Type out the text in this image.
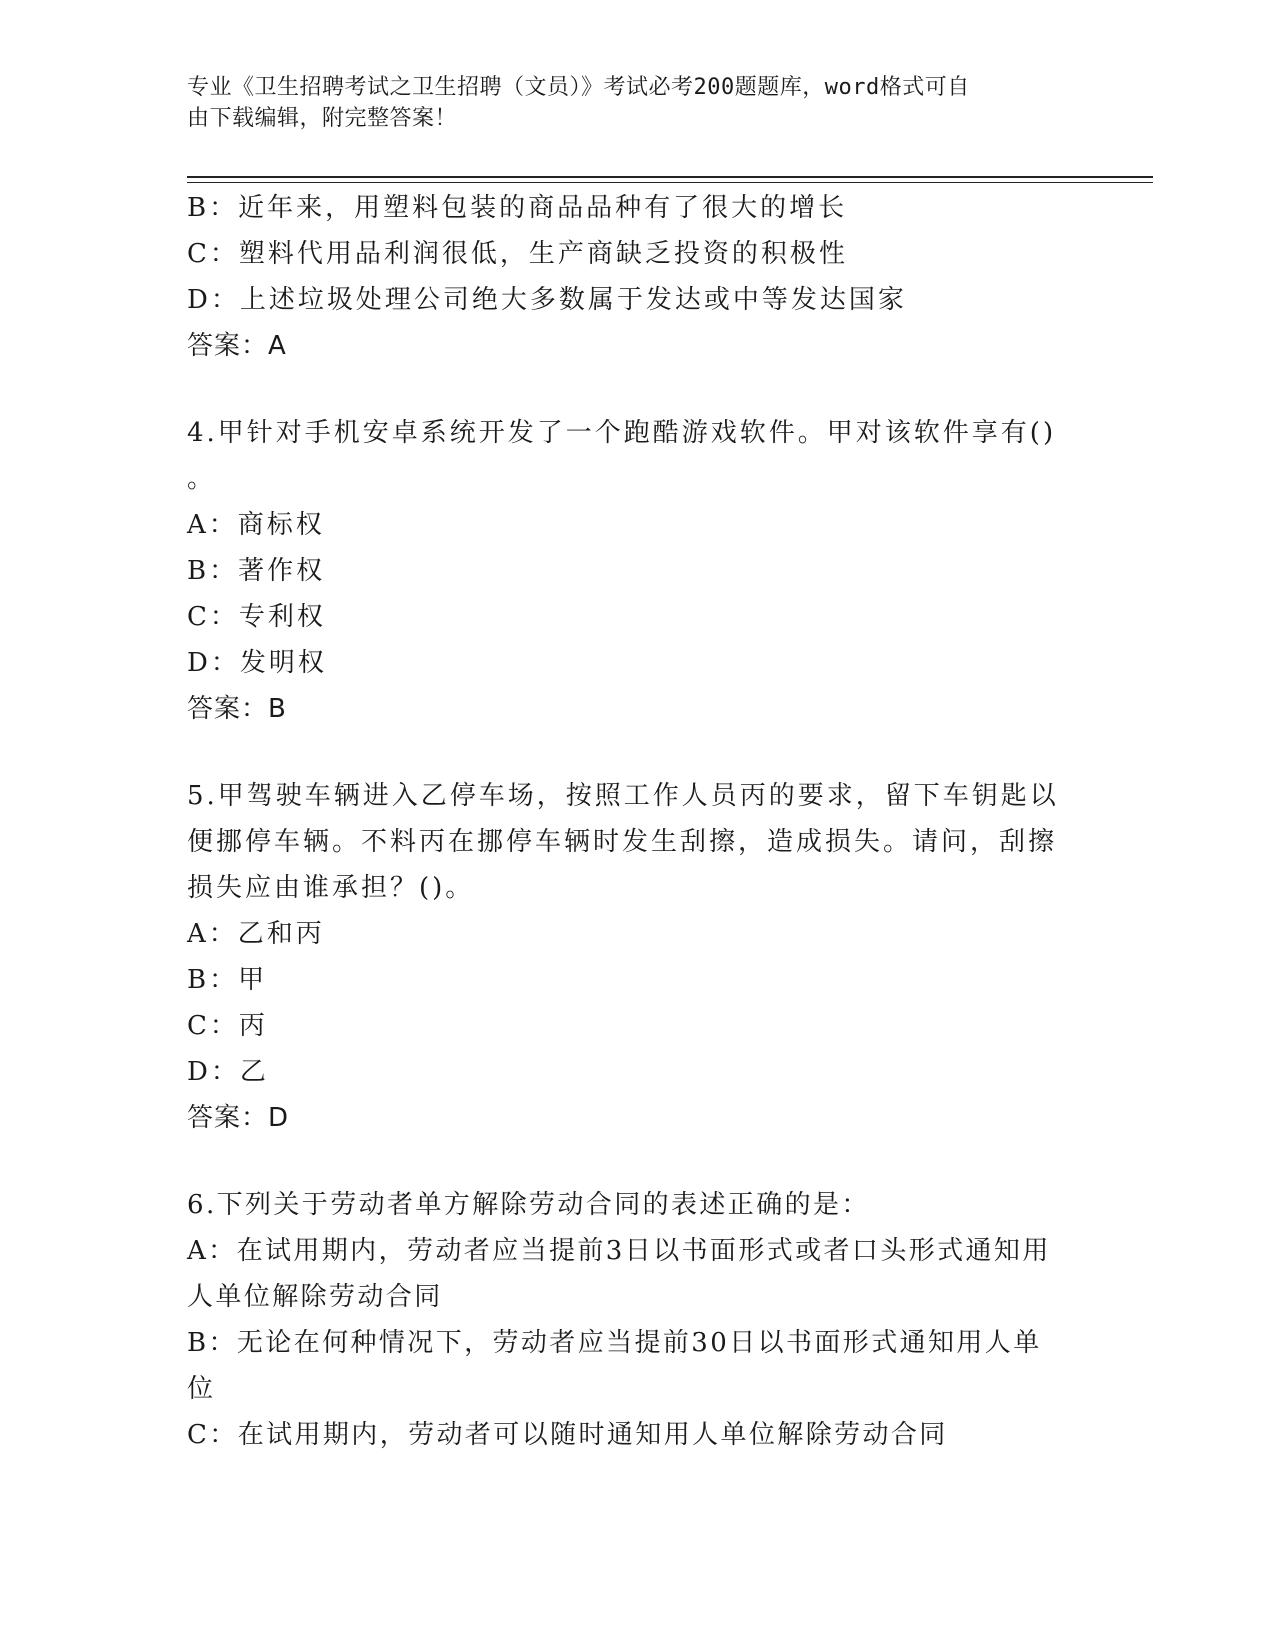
专业《卫生招聘考试之卫生招聘（文员）》考试必考200题题库，word格式可自
由下载编辑，附完整答案！
B：近年来，用塑料包装的商品品种有了很大的增长
C：塑料代用品利润很低，生产商缺乏投资的积极性
D：上述垃圾处理公司绝大多数属于发达或中等发达国家
答案：A
4.甲针对手机安卓系统开发了一个跑酷游戏软件。甲对该软件享有()
。
A：商标权
B：著作权
C：专利权
D：发明权
答案：B
5.甲驾驶车辆进入乙停车场，按照工作人员丙的要求，留下车钥匙以
便挪停车辆。不料丙在挪停车辆时发生刮擦，造成损失。请问，刮擦
损失应由谁承担？()。
A：乙和丙
B：甲
C：丙
D：乙
答案：D
6.下列关于劳动者单方解除劳动合同的表述正确的是：
A：在试用期内，劳动者应当提前3日以书面形式或者口头形式通知用
人单位解除劳动合同
B：无论在何种情况下，劳动者应当提前30日以书面形式通知用人单
位
C：在试用期内，劳动者可以随时通知用人单位解除劳动合同
